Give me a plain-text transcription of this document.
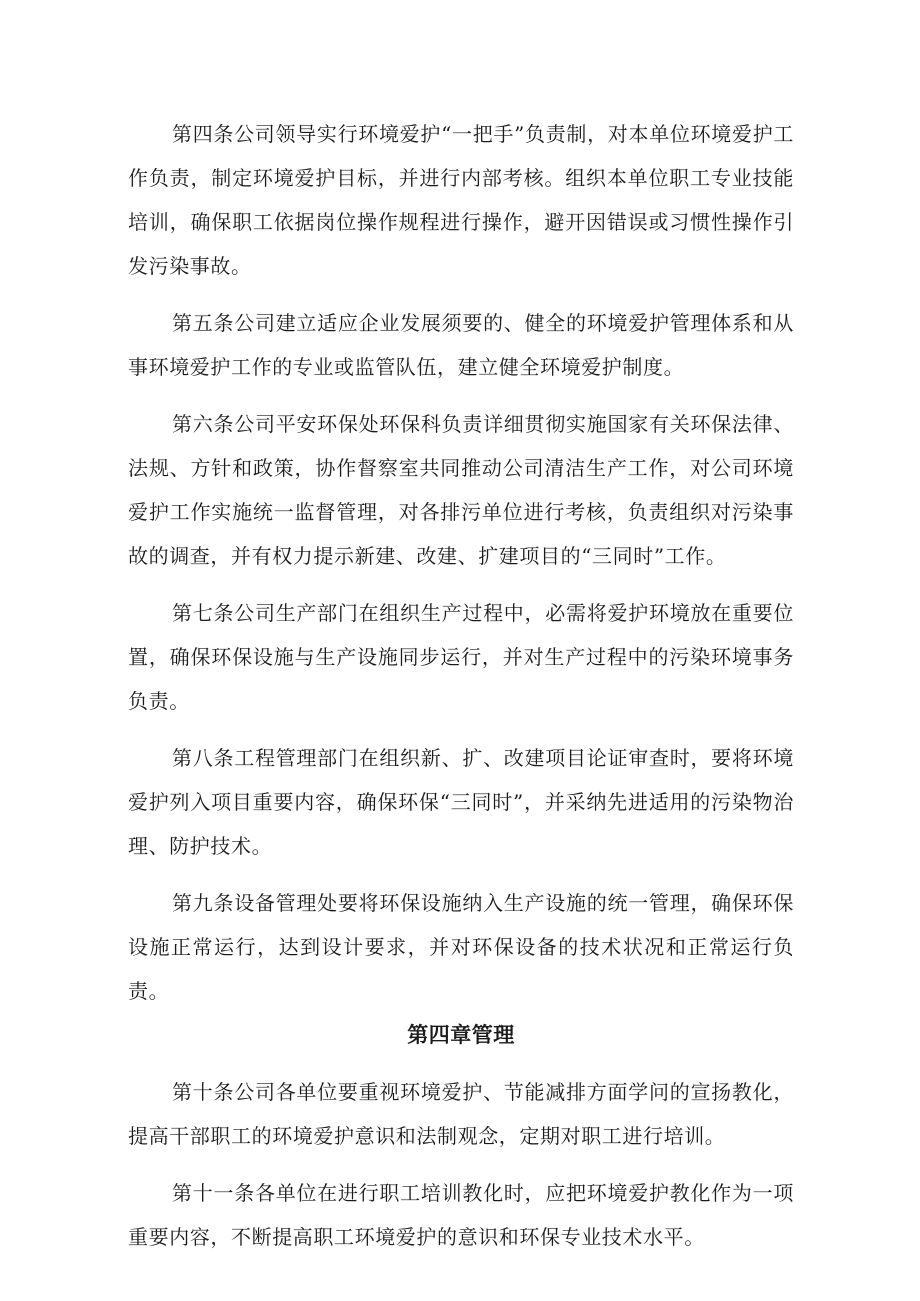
第四条公司领导实行环境爱护“一把手”负责制，对本单位环境爱护工作负责，制定环境爱护目标，并进行内部考核。组织本单位职工专业技能培训，确保职工依据岗位操作规程进行操作，避开因错误或习惯性操作引发污染事故。

第五条公司建立适应企业发展须要的、健全的环境爱护管理体系和从事环境爱护工作的专业或监管队伍，建立健全环境爱护制度。

第六条公司平安环保处环保科负责详细贯彻实施国家有关环保法律、法规、方针和政策，协作督察室共同推动公司清洁生产工作，对公司环境爱护工作实施统一监督管理，对各排污单位进行考核，负责组织对污染事故的调查，并有权力提示新建、改建、扩建项目的“三同时”工作。

第七条公司生产部门在组织生产过程中，必需将爱护环境放在重要位置，确保环保设施与生产设施同步运行，并对生产过程中的污染环境事务负责。

第八条工程管理部门在组织新、扩、改建项目论证审查时，要将环境爱护列入项目重要内容，确保环保“三同时”，并采纳先进适用的污染物治理、防护技术。

第九条设备管理处要将环保设施纳入生产设施的统一管理，确保环保设施正常运行，达到设计要求，并对环保设备的技术状况和正常运行负责。

第四章管理

第十条公司各单位要重视环境爱护、节能减排方面学问的宣扬教化，提高干部职工的环境爱护意识和法制观念，定期对职工进行培训。

第十一条各单位在进行职工培训教化时，应把环境爱护教化作为一项重要内容，不断提高职工环境爱护的意识和环保专业技术水平。
